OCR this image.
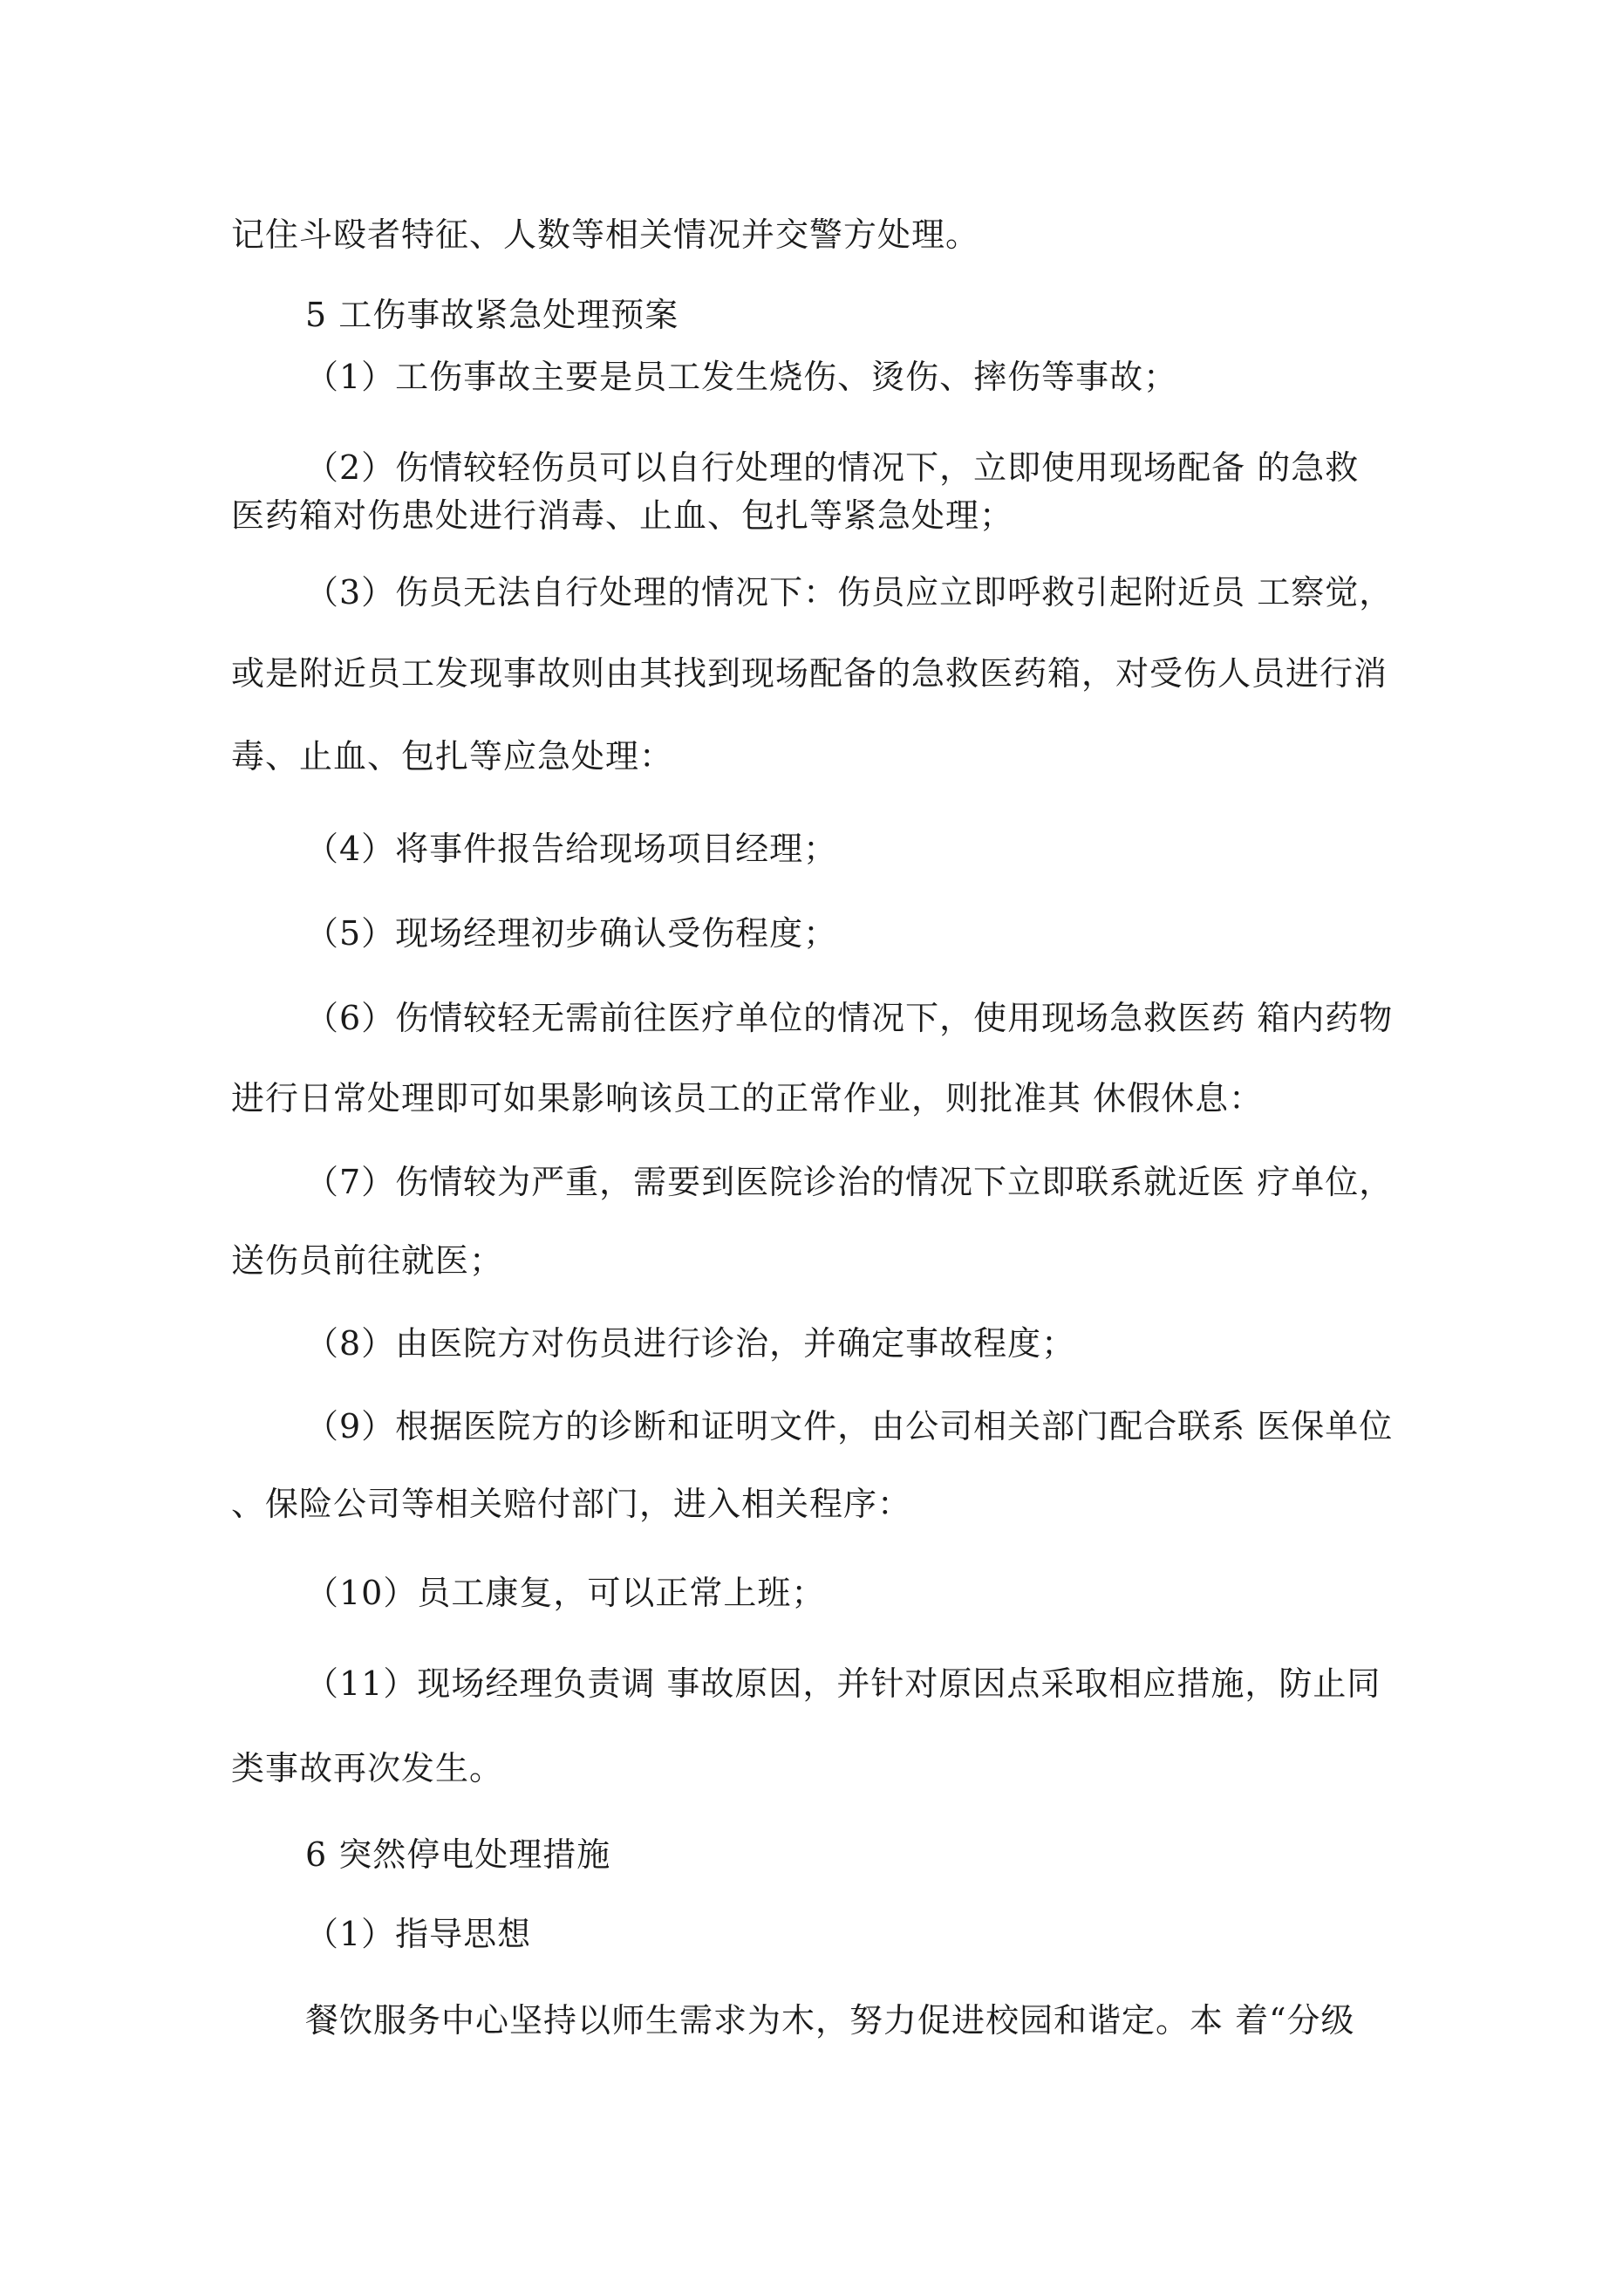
记住斗殴者特征、人数等相关情况并交警方处理。
5 工伤事故紧急处理预案
（1）工伤事故主要是员工发生烧伤、烫伤、摔伤等事故；
（2）伤情较轻伤员可以自行处理的情况下，立即使用现场配备 的急救
医药箱对伤患处进行消毒、止血、包扎等紧急处理；
（3）伤员无法自行处理的情况下：伤员应立即呼救引起附近员 工察觉，
或是附近员工发现事故则由其找到现场配备的急救医药箱，对受伤人员进行消
毒、止血、包扎等应急处理：
（4）将事件报告给现场项目经理；
（5）现场经理初步确认受伤程度；
（6）伤情较轻无需前往医疗单位的情况下，使用现场急救医药 箱内药物
进行日常处理即可如果影响该员工的正常作业，则批准其 休假休息：
（7）伤情较为严重，需要到医院诊治的情况下立即联系就近医 疗单位，
送伤员前往就医；
（8）由医院方对伤员进行诊治，并确定事故程度；
（9）根据医院方的诊断和证明文件，由公司相关部门配合联系 医保单位
、保险公司等相关赔付部门，进入相关程序：
（10）员工康复，可以正常上班；
（11）现场经理负责调 事故原因，并针对原因点采取相应措施，防止同
类事故再次发生。
6 突然停电处理措施
（1）指导思想
餐饮服务中心坚持以师生需求为木，努力促进校园和谐定。本 着“分级
